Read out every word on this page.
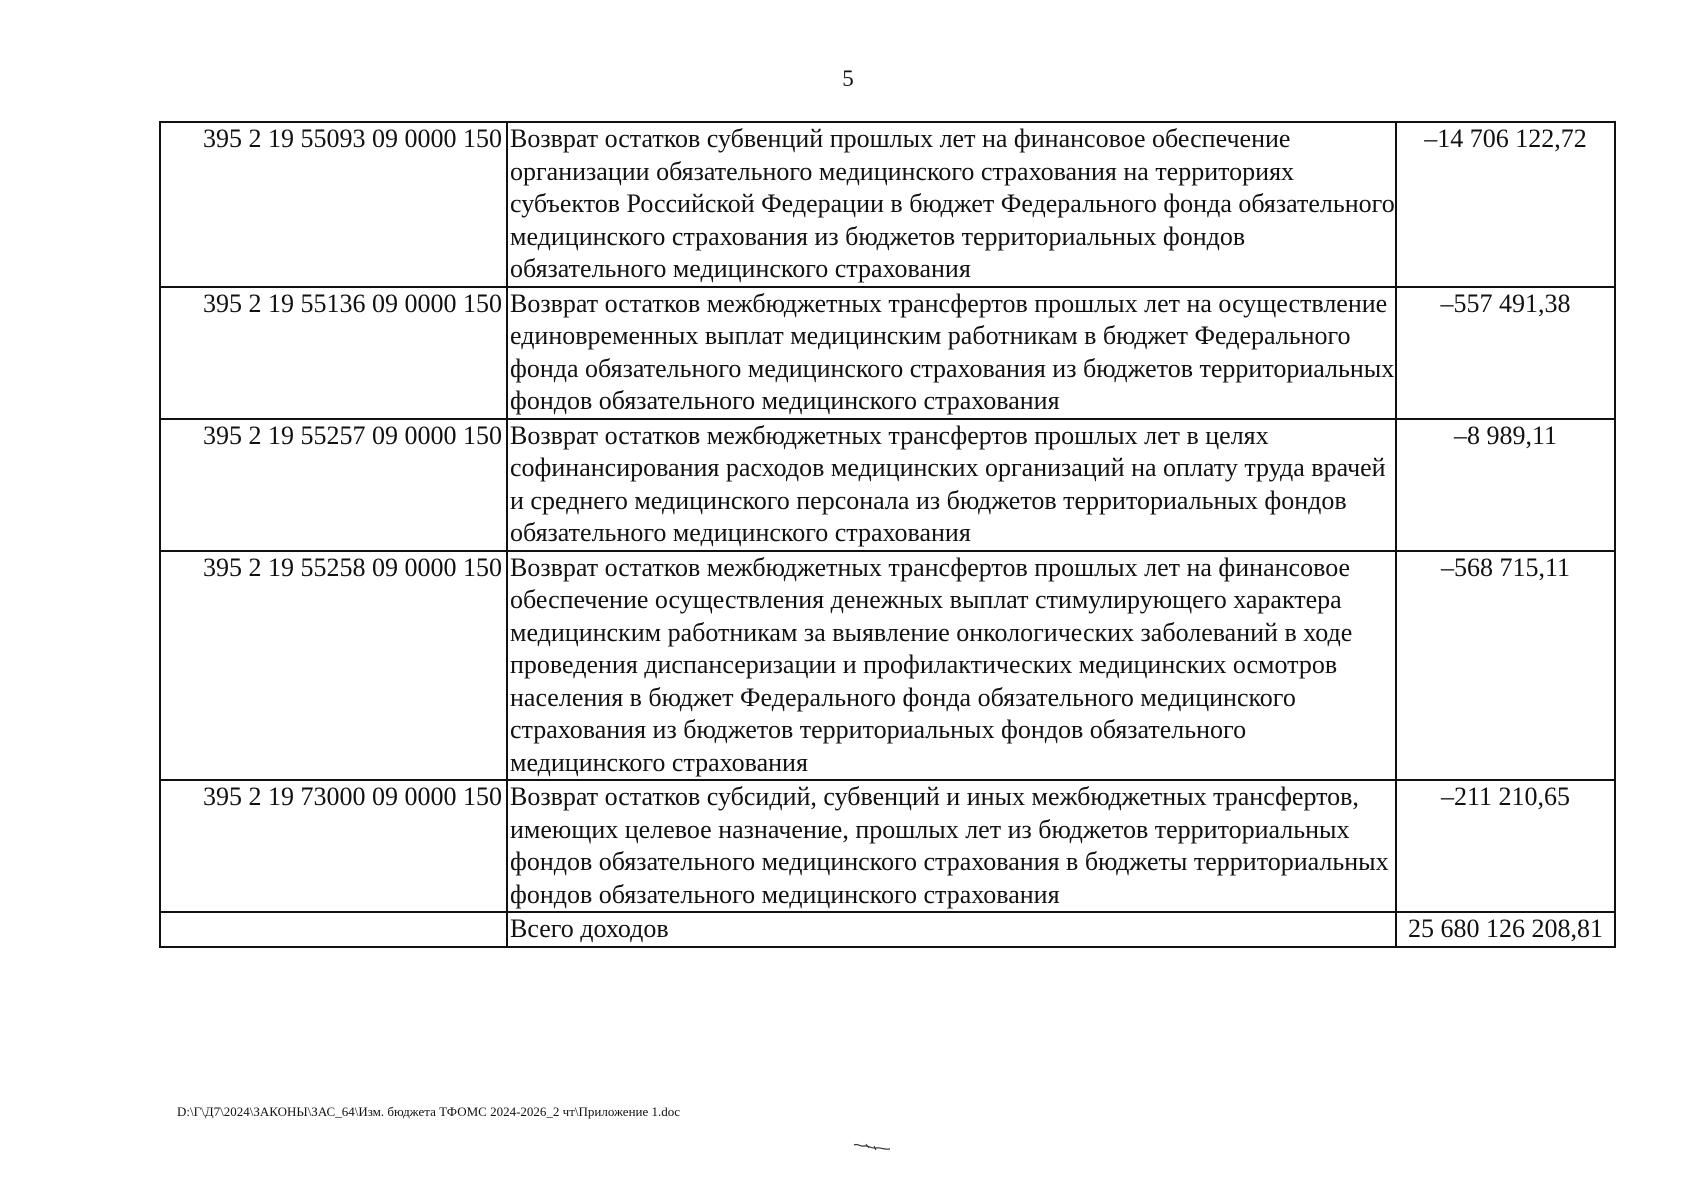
5
395 2 19 55093 09 0000 150	Возврат остатков субвенций прошлых лет на финансовое обеспечение организации обязательного медицинского страхования на территориях субъектов Российской Федерации в бюджет Федерального фонда обязательного медицинского страхования из бюджетов территориальных фондов обязательного медицинского страхования	–14 706 122,72
395 2 19 55136 09 0000 150	Возврат остатков межбюджетных трансфертов прошлых лет на осуществление единовременных выплат медицинским работникам в бюджет Федерального фонда обязательного медицинского страхования из бюджетов территориальных фондов обязательного медицинского страхования	–557 491,38
395 2 19 55257 09 0000 150	Возврат остатков межбюджетных трансфертов прошлых лет в целях софинансирования расходов медицинских организаций на оплату труда врачей и среднего медицинского персонала из бюджетов территориальных фондов обязательного медицинского страхования	–8 989,11
395 2 19 55258 09 0000 150	Возврат остатков межбюджетных трансфертов прошлых лет на финансовое обеспечение осуществления денежных выплат стимулирующего характера медицинским работникам за выявление онкологических заболеваний в ходе проведения диспансеризации и профилактических медицинских осмотров населения в бюджет Федерального фонда обязательного медицинского страхования из бюджетов территориальных фондов обязательного медицинского страхования	–568 715,11
395 2 19 73000 09 0000 150	Возврат остатков субсидий, субвенций и иных межбюджетных трансфертов, имеющих целевое назначение, прошлых лет из бюджетов территориальных фондов обязательного медицинского страхования в бюджеты территориальных фондов обязательного медицинского страхования	–211 210,65
	Всего доходов	25 680 126 208,81
D:\Г\Д7\2024\ЗАКОНЫ\ЗАС_64\Изм. бюджета ТФОМС 2024-2026_2 чт\Приложение 1.doc
